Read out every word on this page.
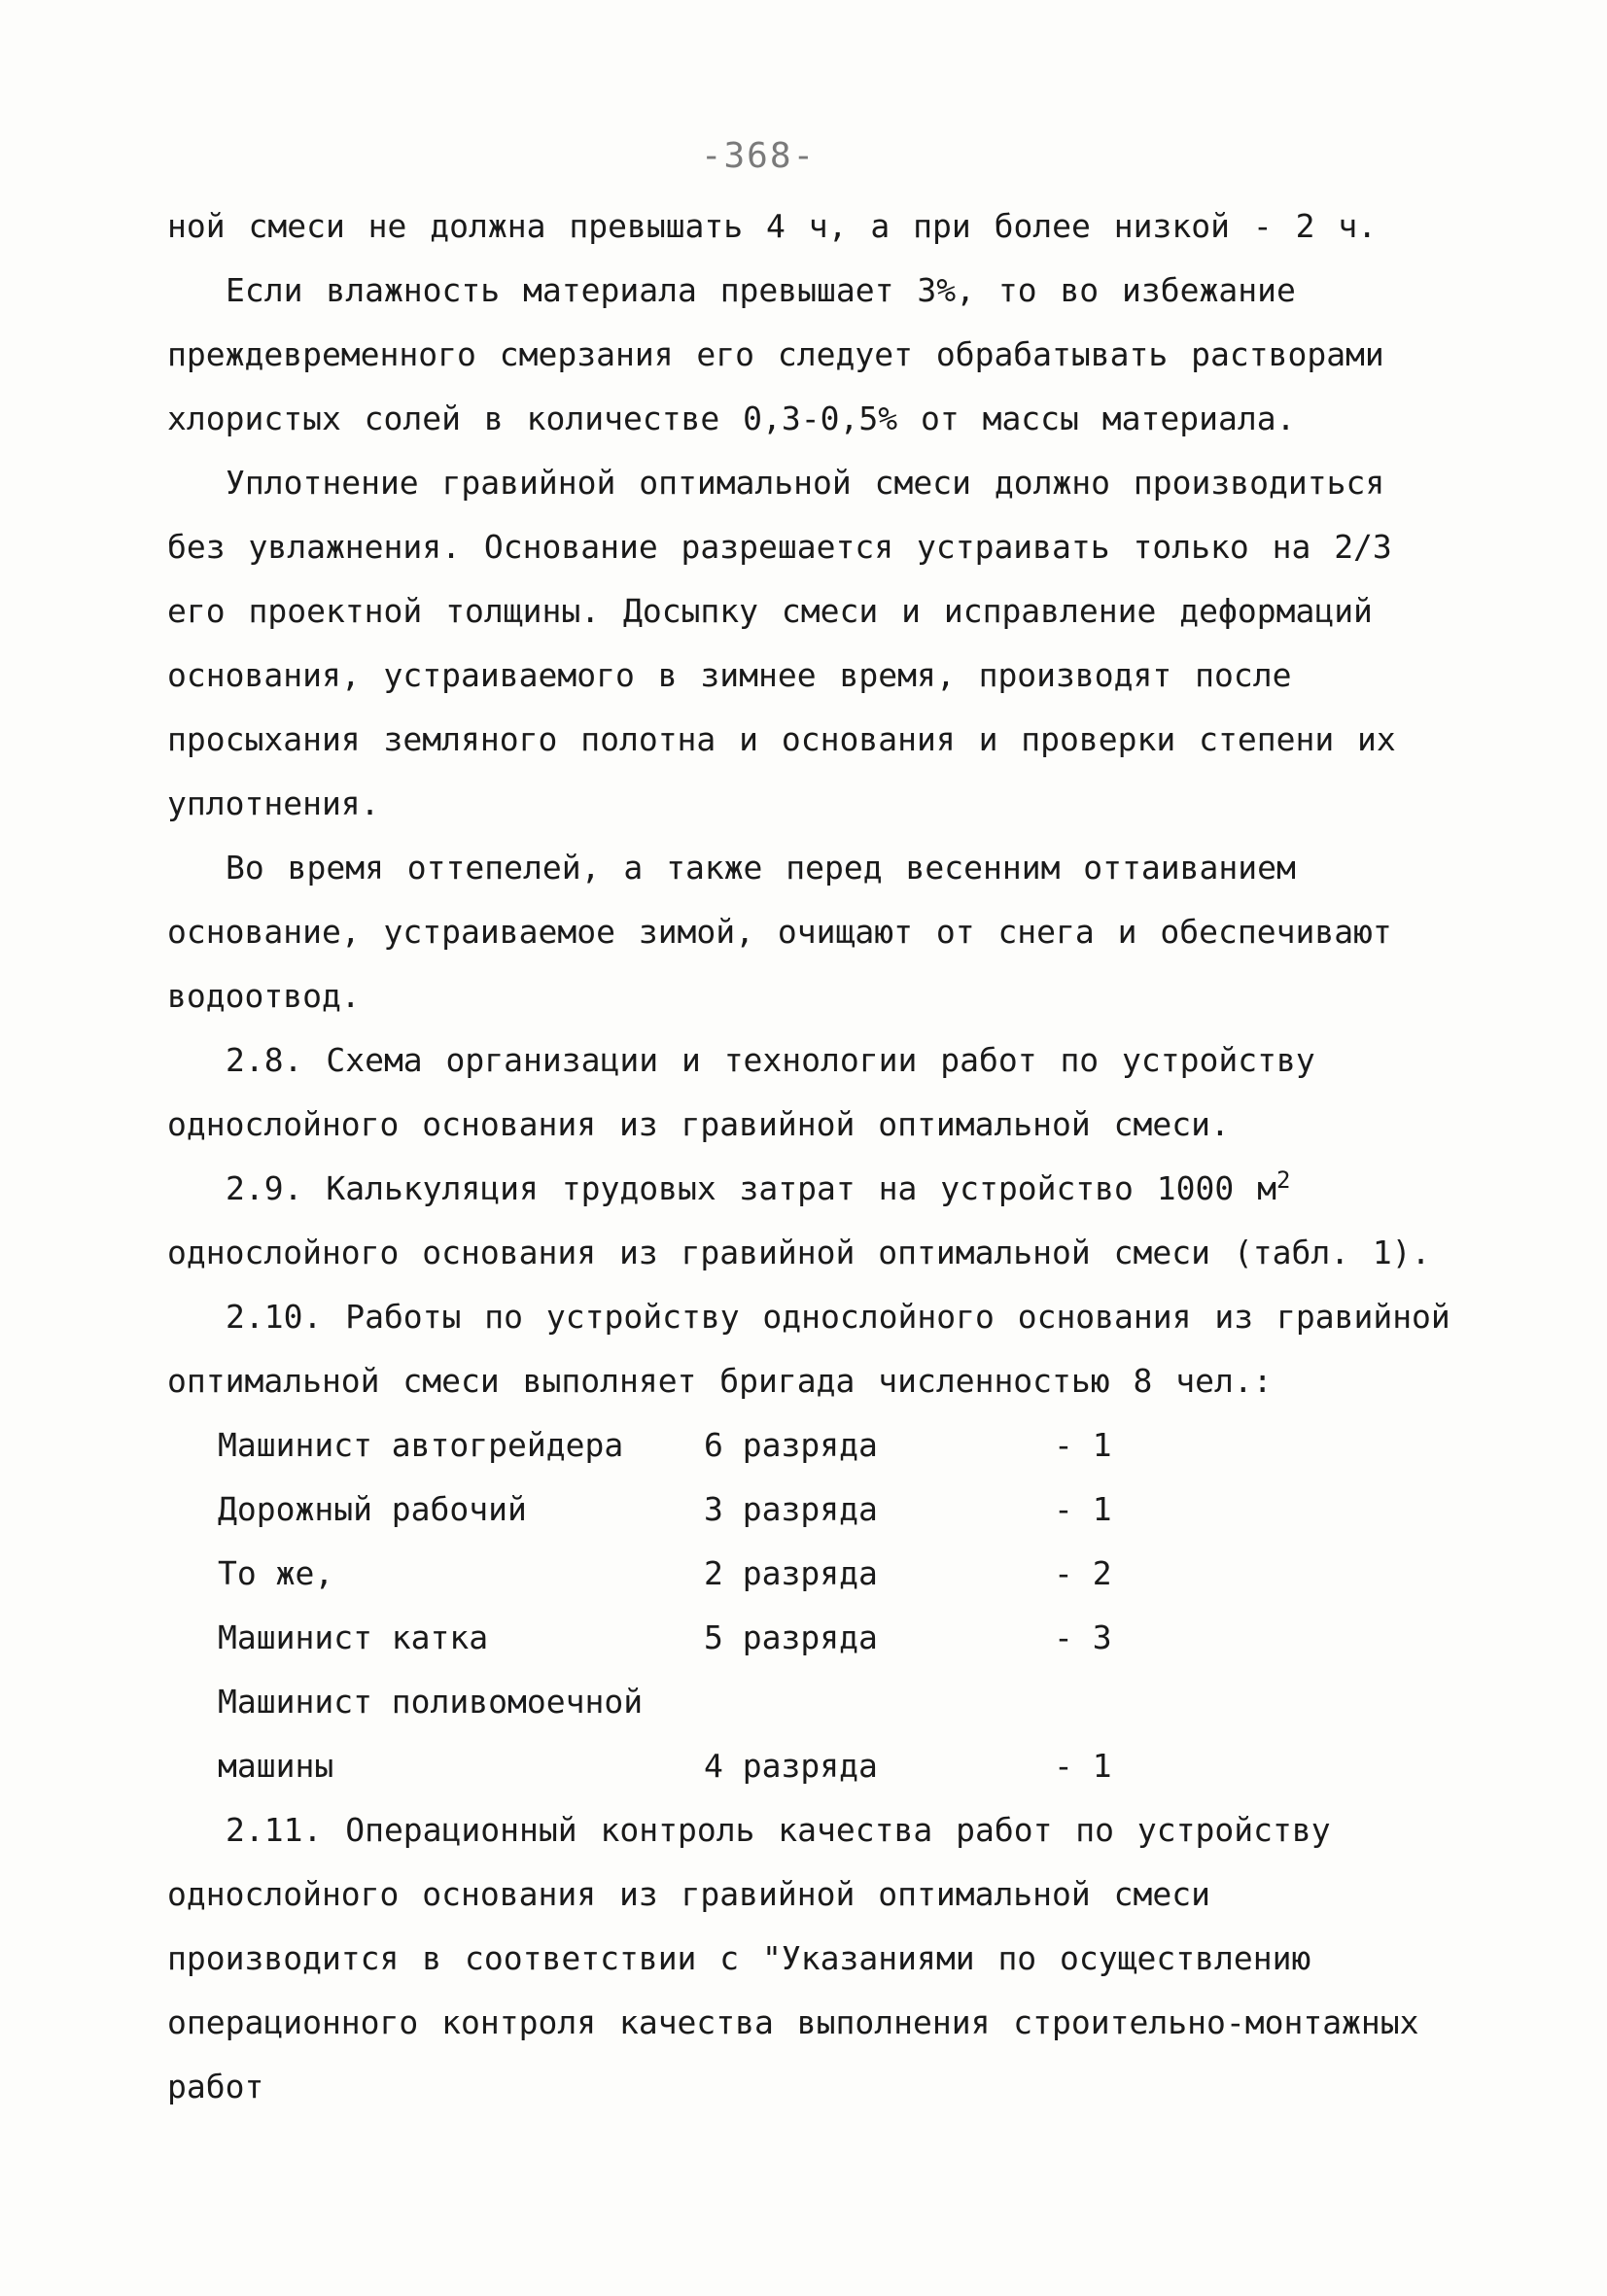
-368-

ной смеси не должна превышать 4 ч, а при более низкой - 2 ч.

Если влажность материала превышает 3%, то во избежание преждевременного смерзания его следует обрабатывать растворами хлористых солей в количестве 0,3-0,5% от массы материала.

Уплотнение гравийной оптимальной смеси должно производиться без увлажнения. Основание разрешается устраивать только на 2/3 его проектной толщины. Досыпку смеси и исправление деформаций основания, устраиваемого в зимнее время, производят после просыхания земляного полотна и основания и проверки степени их уплотнения.

Во время оттепелей, а также перед весенним оттаиванием основание, устраиваемое зимой, очищают от снега и обеспечивают водоотвод.

2.8. Схема организации и технологии работ по устройству однослойного основания из гравийной оптимальной смеси.

2.9. Калькуляция трудовых затрат на устройство 1000 $м^2$ однослойного основания из гравийной оптимальной смеси (табл. 1).

2.10. Работы по устройству однослойного основания из гравийной оптимальной смеси выполняет бригада численностью 8 чел.:

Машинист автогрейдера	6 разряда	- 1
Дорожный рабочий	3 разряда	- 1
То же,	2 разряда	- 2
Машинист катка	5 разряда	- 3
Машинист поливомоечной
машины	4 разряда	- 1

2.11. Операционный контроль качества работ по устройству однослойного основания из гравийной оптимальной смеси производится в соответствии с "Указаниями по осуществлению операционного контроля качества выполнения строительно-монтажных работ
